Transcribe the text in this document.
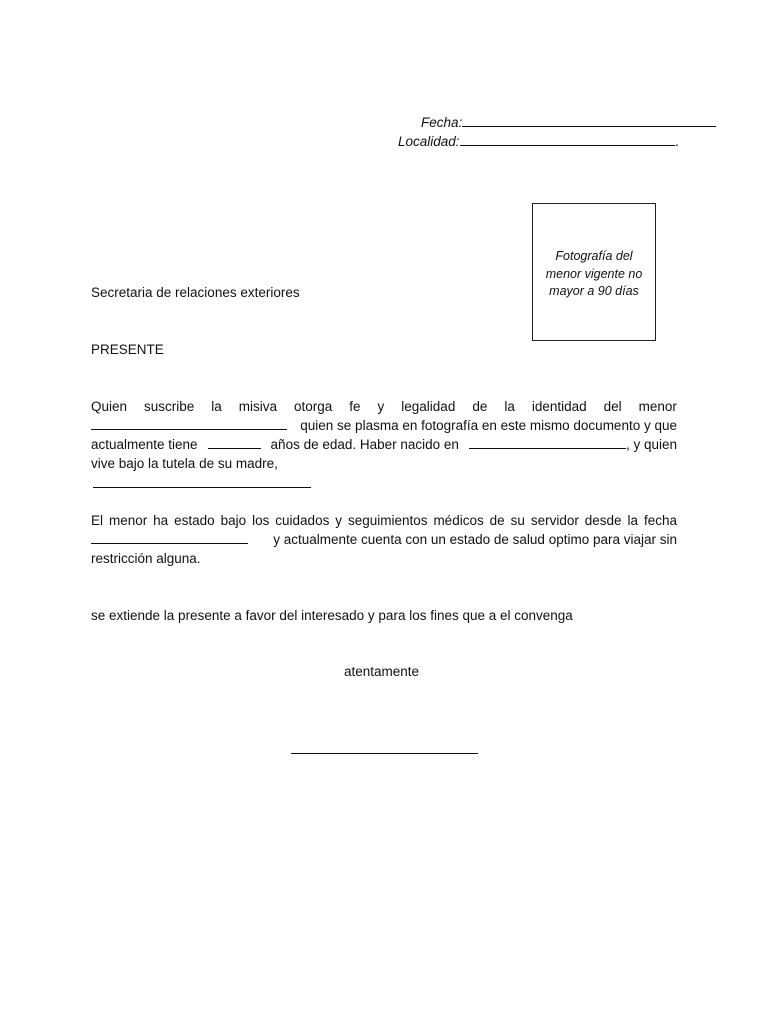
Fecha:
Localidad:	.
Fotografía del
menor vigente no
mayor a 90 días
Secretaria de relaciones exteriores
PRESENTE
Quien suscribe la misiva otorga fe y legalidad de la identidad del menor
quien se plasma en fotografía en este mismo documento y que
actualmente tiene	años de edad. Haber nacido en	, y quien
vive bajo la tutela de su madre,
El menor ha estado bajo los cuidados y seguimientos médicos de su servidor desde la fecha
y actualmente cuenta con un estado de salud optimo para viajar sin
restricción alguna.
se extiende la presente a favor del interesado y para los fines que a el convenga
atentamente
